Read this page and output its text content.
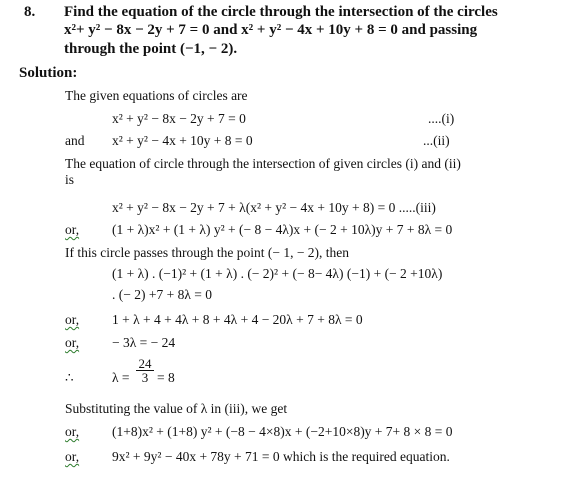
8. Find the equation of the circle through the intersection of the circles
x²+ y² − 8x − 2y + 7 = 0 and x² + y² − 4x + 10y + 8 = 0 and passing
through the point (−1, − 2).
Solution:
The given equations of circles are
x² + y² − 8x − 2y + 7 = 0	....(i)
and x² + y² − 4x + 10y + 8 = 0	...(ii)
The equation of circle through the intersection of given circles (i) and (ii)
is
x² + y² − 8x − 2y + 7 + λ(x² + y² − 4x + 10y + 8) = 0 .....(iii)
or, (1 + λ)x² + (1 + λ) y² + (− 8 − 4λ)x + (− 2 + 10λ)y + 7 + 8λ = 0
If this circle passes through the point (− 1, − 2), then
(1 + λ) . (−1)² + (1 + λ) . (− 2)² + (− 8− 4λ) (−1) + (− 2 +10λ)
. (− 2) +7 + 8λ = 0
or, 1 + λ + 4 + 4λ + 8 + 4λ + 4 − 20λ + 7 + 8λ = 0
or, − 3λ = − 24
∴	$\lambda = \frac{24}{3} = 8$
Substituting the value of λ in (iii), we get
or, (1+8)x² + (1+8) y² + (−8 − 4×8)x + (−2+10×8)y + 7+ 8 × 8 = 0
or, 9x² + 9y² − 40x + 78y + 71 = 0 which is the required equation.
